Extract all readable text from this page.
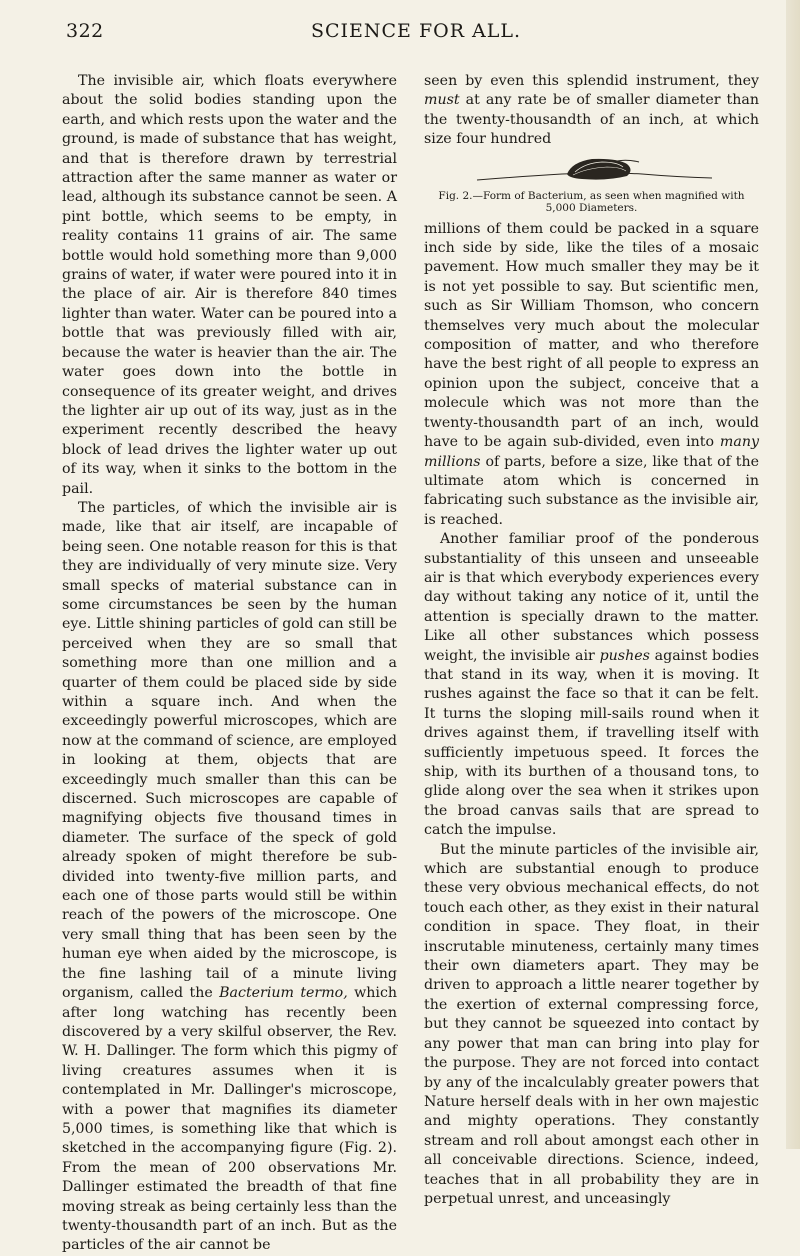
322	SCIENCE FOR ALL.

The invisible air, which floats everywhere about the solid bodies standing upon the earth, and which rests upon the water and the ground, is made of substance that has weight, and that is therefore drawn by terrestrial attraction after the same manner as water or lead, although its substance cannot be seen. A pint bottle, which seems to be empty, in reality contains 11 grains of air. The same bottle would hold something more than 9,000 grains of water, if water were poured into it in the place of air. Air is therefore 840 times lighter than water. Water can be poured into a bottle that was previously filled with air, because the water is heavier than the air. The water goes down into the bottle in consequence of its greater weight, and drives the lighter air up out of its way, just as in the experiment recently described the heavy block of lead drives the lighter water up out of its way, when it sinks to the bottom in the pail.

The particles, of which the invisible air is made, like that air itself, are incapable of being seen. One notable reason for this is that they are individually of very minute size. Very small specks of material substance can in some circumstances be seen by the human eye. Little shining particles of gold can still be perceived when they are so small that something more than one million and a quarter of them could be placed side by side within a square inch. And when the exceedingly powerful microscopes, which are now at the command of science, are employed in looking at them, objects that are exceedingly much smaller than this can be discerned. Such microscopes are capable of magnifying objects five thousand times in diameter. The surface of the speck of gold already spoken of might therefore be sub-divided into twenty-five million parts, and each one of those parts would still be within reach of the powers of the microscope. One very small thing that has been seen by the human eye when aided by the microscope, is the fine lashing tail of a minute living organism, called the Bacterium termo, which after long watching has recently been discovered by a very skilful observer, the Rev. W. H. Dallinger. The form which this pigmy of living creatures assumes when it is contemplated in Mr. Dallinger's microscope, with a power that magnifies its diameter 5,000 times, is something like that which is sketched in the accompanying figure (Fig. 2). From the mean of 200 observations Mr. Dallinger estimated the breadth of that fine moving streak as being certainly less than the twenty-thousandth part of an inch. But as the particles of the air cannot be

seen by even this splendid instrument, they must at any rate be of smaller diameter than the twenty-thousandth of an inch, at which size four hundred

Fig. 2.—Form of Bacterium, as seen when magnified with 5,000 Diameters.

millions of them could be packed in a square inch side by side, like the tiles of a mosaic pavement. How much smaller they may be it is not yet possible to say. But scientific men, such as Sir William Thomson, who concern themselves very much about the molecular composition of matter, and who therefore have the best right of all people to express an opinion upon the subject, conceive that a molecule which was not more than the twenty-thousandth part of an inch, would have to be again sub-divided, even into many millions of parts, before a size, like that of the ultimate atom which is concerned in fabricating such substance as the invisible air, is reached.

Another familiar proof of the ponderous substantiality of this unseen and unseeable air is that which everybody experiences every day without taking any notice of it, until the attention is specially drawn to the matter. Like all other substances which possess weight, the invisible air pushes against bodies that stand in its way, when it is moving. It rushes against the face so that it can be felt. It turns the sloping mill-sails round when it drives against them, if travelling itself with sufficiently impetuous speed. It forces the ship, with its burthen of a thousand tons, to glide along over the sea when it strikes upon the broad canvas sails that are spread to catch the impulse.

But the minute particles of the invisible air, which are substantial enough to produce these very obvious mechanical effects, do not touch each other, as they exist in their natural condition in space. They float, in their inscrutable minuteness, certainly many times their own diameters apart. They may be driven to approach a little nearer together by the exertion of external compressing force, but they cannot be squeezed into contact by any power that man can bring into play for the purpose. They are not forced into contact by any of the incalculably greater powers that Nature herself deals with in her own majestic and mighty operations. They constantly stream and roll about amongst each other in all conceivable directions. Science, indeed, teaches that in all probability they are in perpetual unrest, and unceasingly
